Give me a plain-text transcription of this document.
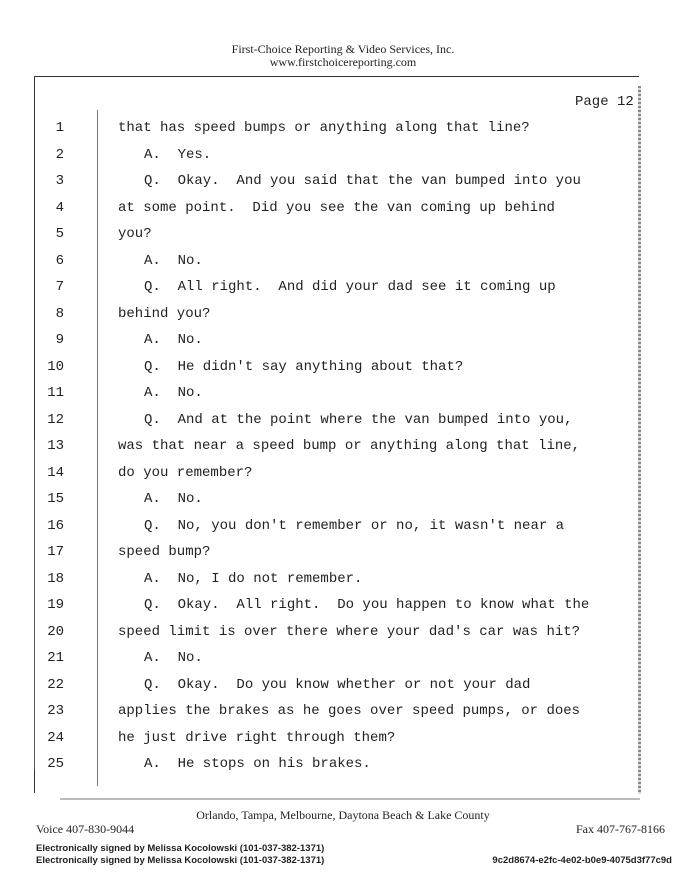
First-Choice Reporting & Video Services, Inc.
www.firstchoicereporting.com
Page 12
1	that has speed bumps or anything along that line?
2	A.  Yes.
3	Q.  Okay.  And you said that the van bumped into you
4	at some point.  Did you see the van coming up behind
5	you?
6	A.  No.
7	Q.  All right.  And did your dad see it coming up
8	behind you?
9	A.  No.
10	Q.  He didn't say anything about that?
11	A.  No.
12	Q.  And at the point where the van bumped into you,
13	was that near a speed bump or anything along that line,
14	do you remember?
15	A.  No.
16	Q.  No, you don't remember or no, it wasn't near a
17	speed bump?
18	A.  No, I do not remember.
19	Q.  Okay.  All right.  Do you happen to know what the
20	speed limit is over there where your dad's car was hit?
21	A.  No.
22	Q.  Okay.  Do you know whether or not your dad
23	applies the brakes as he goes over speed pumps, or does
24	he just drive right through them?
25	A.  He stops on his brakes.
Orlando, Tampa, Melbourne, Daytona Beach & Lake County
Voice 407-830-9044	Fax 407-767-8166
Electronically signed by Melissa Kocolowski (101-037-382-1371)
Electronically signed by Melissa Kocolowski (101-037-382-1371)	9c2d8674-e2fc-4e02-b0e9-4075d3f77c9d
